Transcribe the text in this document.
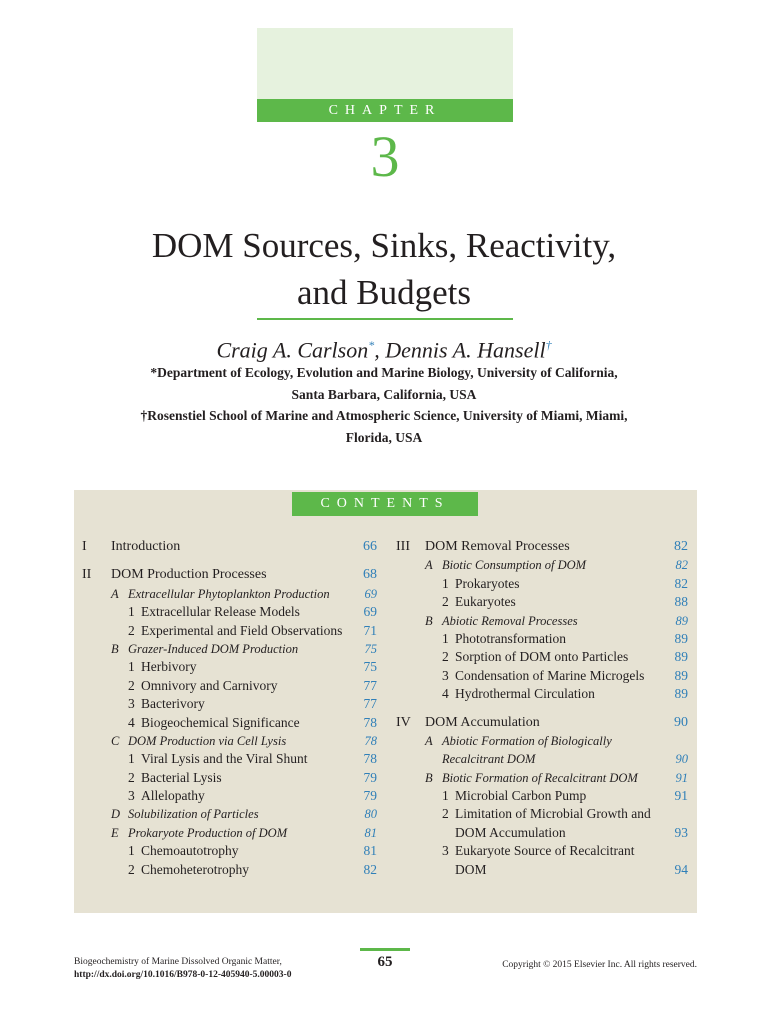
CHAPTER
3
DOM Sources, Sinks, Reactivity,
and Budgets
Craig A. Carlson*, Dennis A. Hansell†
*Department of Ecology, Evolution and Marine Biology, University of California,
Santa Barbara, California, USA
†Rosenstiel School of Marine and Atmospheric Science, University of Miami, Miami,
Florida, USA
CONTENTS
I Introduction	66
II DOM Production Processes	68
A Extracellular Phytoplankton Production	69
1 Extracellular Release Models	69
2 Experimental and Field Observations 71
B Grazer-Induced DOM Production	75
1 Herbivory	75
2 Omnivory and Carnivory	77
3 Bacterivory	77
4 Biogeochemical Significance	78
C DOM Production via Cell Lysis	78
1 Viral Lysis and the Viral Shunt	78
2 Bacterial Lysis	79
3 Allelopathy	79
D Solubilization of Particles	80
E Prokaryote Production of DOM	81
1 Chemoautotrophy	81
2 Chemoheterotrophy	82
III DOM Removal Processes	82
A Biotic Consumption of DOM	82
1 Prokaryotes	82
2 Eukaryotes	88
B Abiotic Removal Processes	89
1 Phototransformation	89
2 Sorption of DOM onto Particles	89
3 Condensation of Marine Microgels 89
4 Hydrothermal Circulation	89
IV DOM Accumulation	90
A Abiotic Formation of Biologically
Recalcitrant DOM	90
B Biotic Formation of Recalcitrant DOM	91
1 Microbial Carbon Pump	91
2 Limitation of Microbial Growth and
DOM Accumulation	93
3 Eukaryote Source of Recalcitrant
DOM	94
Biogeochemistry of Marine Dissolved Organic Matter,
http://dx.doi.org/10.1016/B978-0-12-405940-5.00003-0
65	Copyright © 2015 Elsevier Inc. All rights reserved.
